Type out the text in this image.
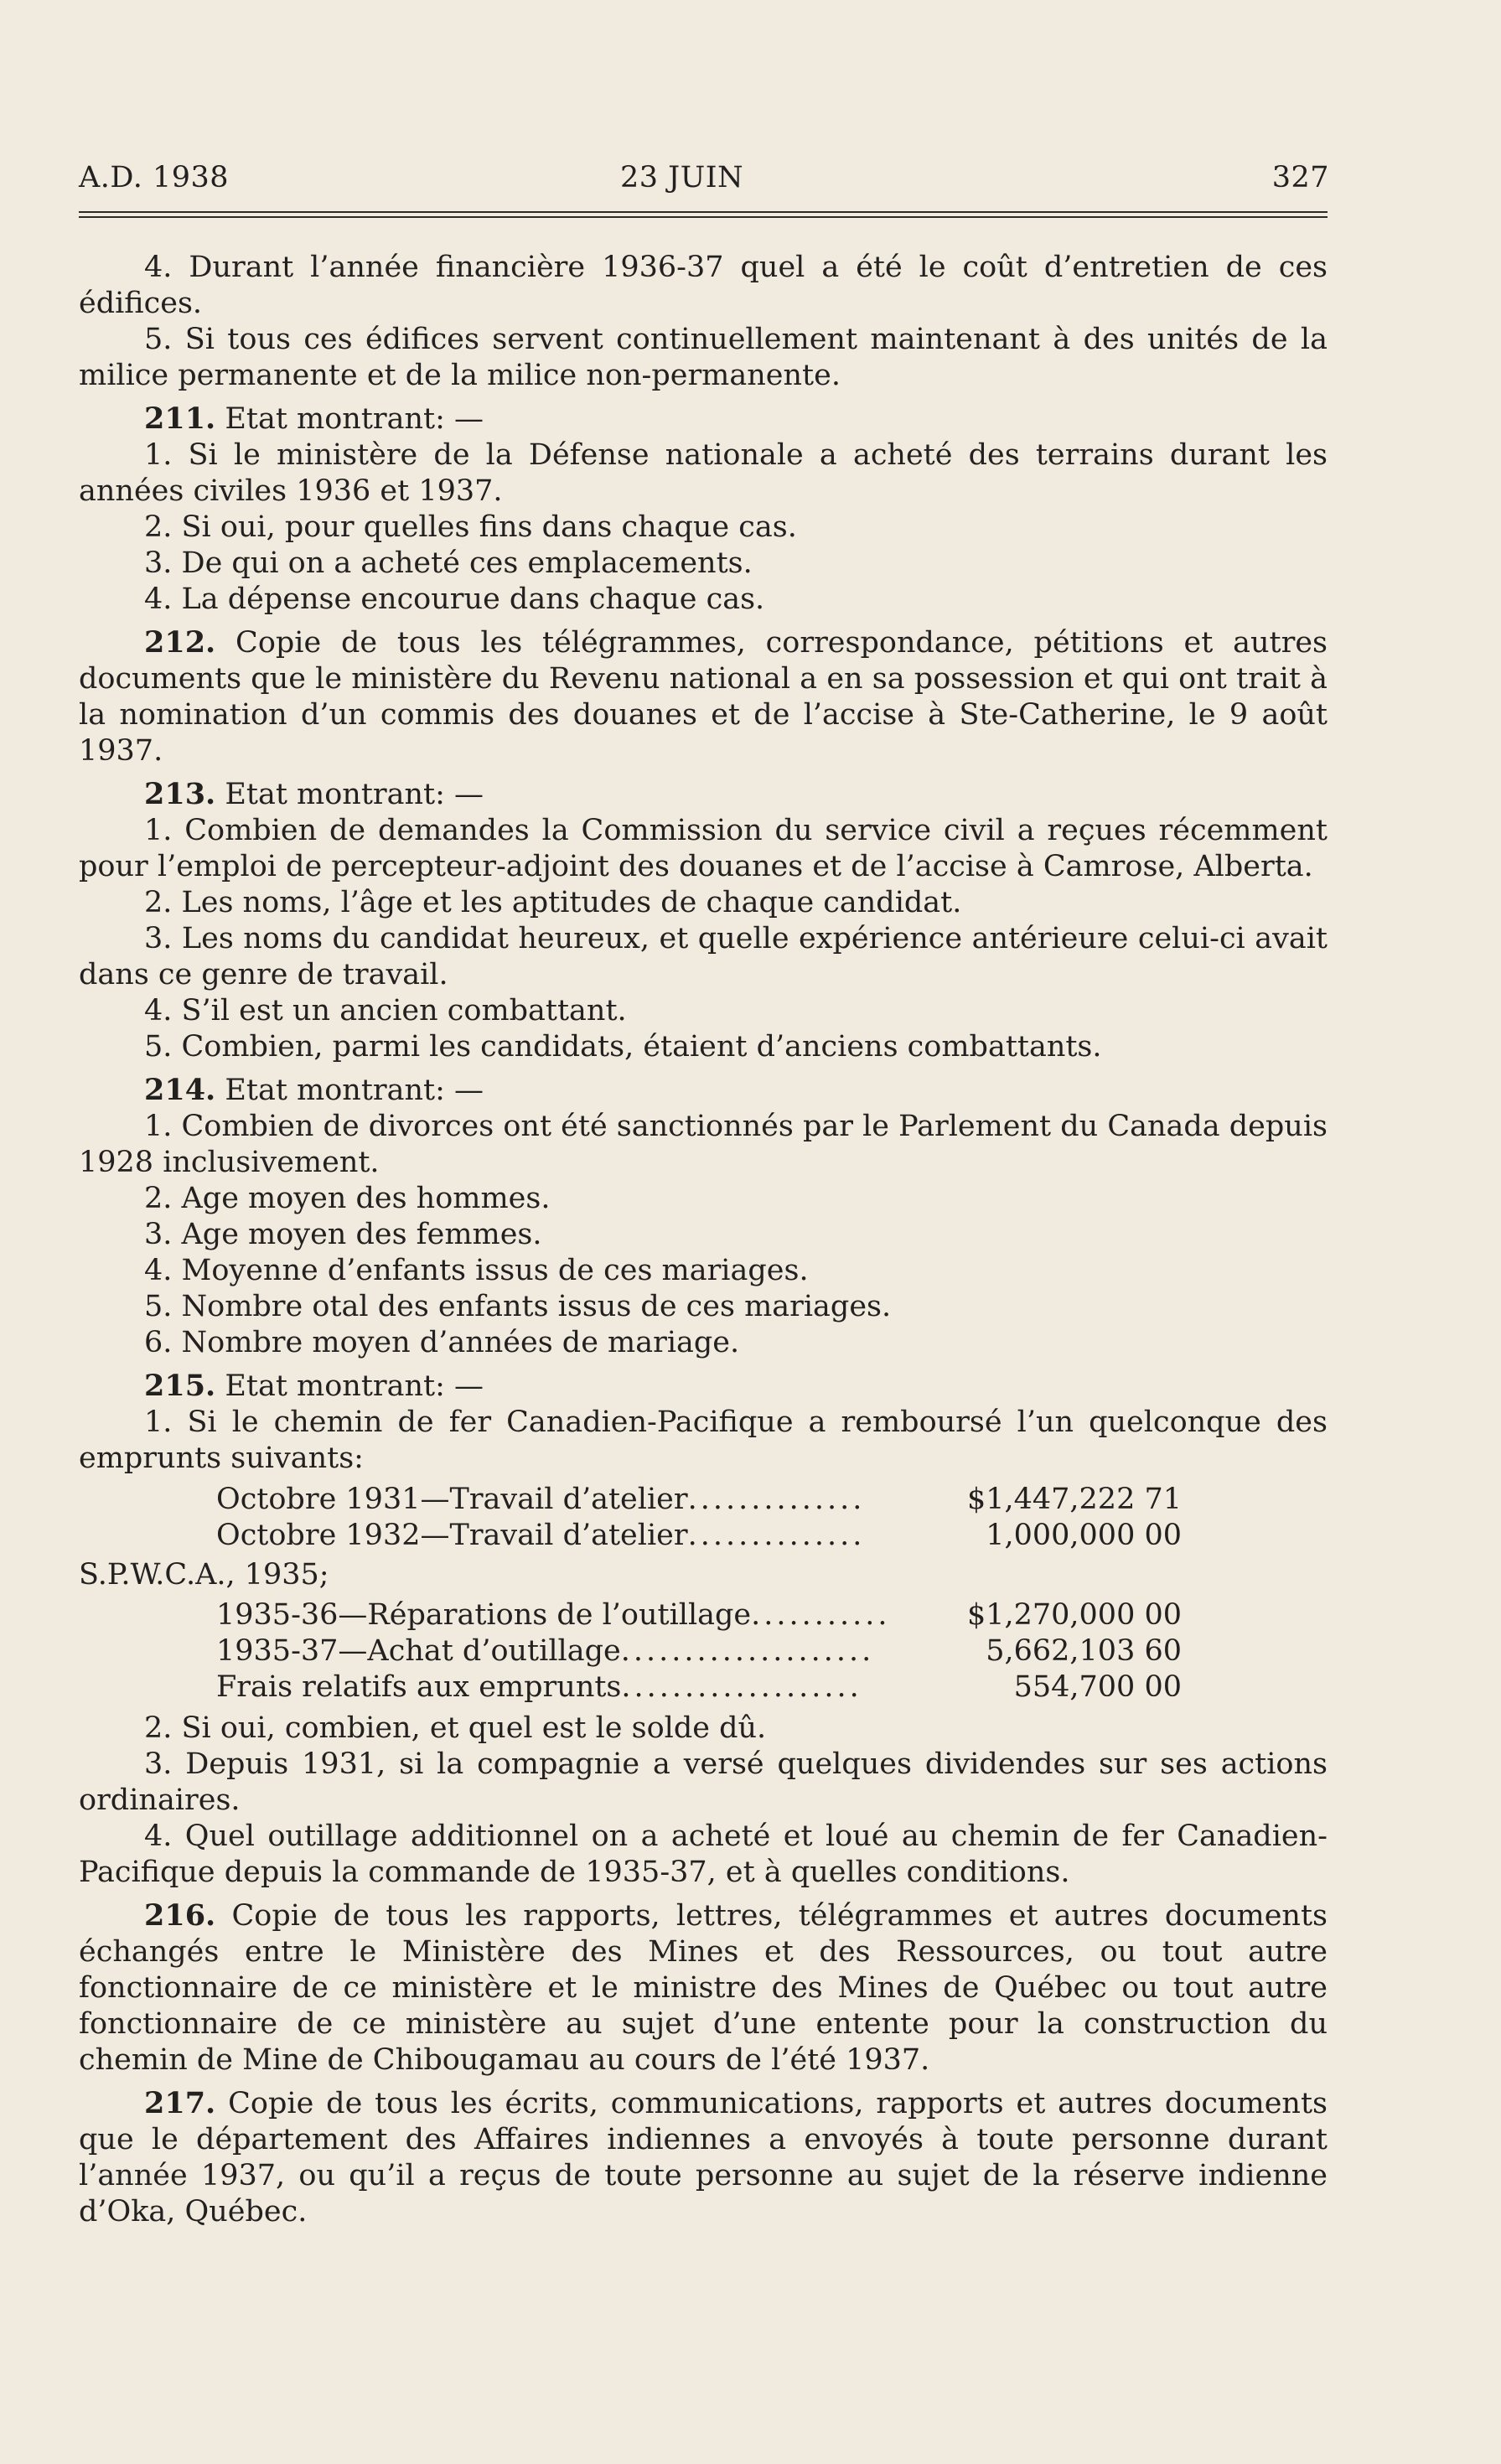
A.D. 1938	23 JUIN	327

4. Durant l’année financière 1936-37 quel a été le coût d’entretien de ces édifices.

5. Si tous ces édifices servent continuellement maintenant à des unités de la milice permanente et de la milice non-permanente.

211. Etat montrant: —

1. Si le ministère de la Défense nationale a acheté des terrains durant les années civiles 1936 et 1937.

2. Si oui, pour quelles fins dans chaque cas.

3. De qui on a acheté ces emplacements.

4. La dépense encourue dans chaque cas.

212. Copie de tous les télégrammes, correspondance, pétitions et autres documents que le ministère du Revenu national a en sa possession et qui ont trait à la nomination d’un commis des douanes et de l’accise à Ste-Catherine, le 9 août 1937.

213. Etat montrant: —

1. Combien de demandes la Commission du service civil a reçues récemment pour l’emploi de percepteur-adjoint des douanes et de l’accise à Camrose, Alberta.

2. Les noms, l’âge et les aptitudes de chaque candidat.

3. Les noms du candidat heureux, et quelle expérience antérieure celui-ci avait dans ce genre de travail.

4. S’il est un ancien combattant.

5. Combien, parmi les candidats, étaient d’anciens combattants.

214. Etat montrant: —

1. Combien de divorces ont été sanctionnés par le Parlement du Canada depuis 1928 inclusivement.

2. Age moyen des hommes.

3. Age moyen des femmes.

4. Moyenne d’enfants issus de ces mariages.

5. Nombre otal des enfants issus de ces mariages.

6. Nombre moyen d’années de mariage.

215. Etat montrant: —

1. Si le chemin de fer Canadien-Pacifique a remboursé l’un quelconque des emprunts suivants:

Octobre 1931—Travail d’atelier..............	$1,447,222 71
Octobre 1932—Travail d’atelier..............	1,000,000 00
S.P.W.C.A., 1935;
1935-36—Réparations de l’outillage...........	$1,270,000 00
1935-37—Achat d’outillage....................	5,662,103 60
Frais relatifs aux emprunts...................	554,700 00

2. Si oui, combien, et quel est le solde dû.

3. Depuis 1931, si la compagnie a versé quelques dividendes sur ses actions ordinaires.

4. Quel outillage additionnel on a acheté et loué au chemin de fer Canadien-Pacifique depuis la commande de 1935-37, et à quelles conditions.

216. Copie de tous les rapports, lettres, télégrammes et autres documents échangés entre le Ministère des Mines et des Ressources, ou tout autre fonctionnaire de ce ministère et le ministre des Mines de Québec ou tout autre fonctionnaire de ce ministère au sujet d’une entente pour la construction du chemin de Mine de Chibougamau au cours de l’été 1937.

217. Copie de tous les écrits, communications, rapports et autres documents que le département des Affaires indiennes a envoyés à toute personne durant l’année 1937, ou qu’il a reçus de toute personne au sujet de la réserve indienne d’Oka, Québec.
